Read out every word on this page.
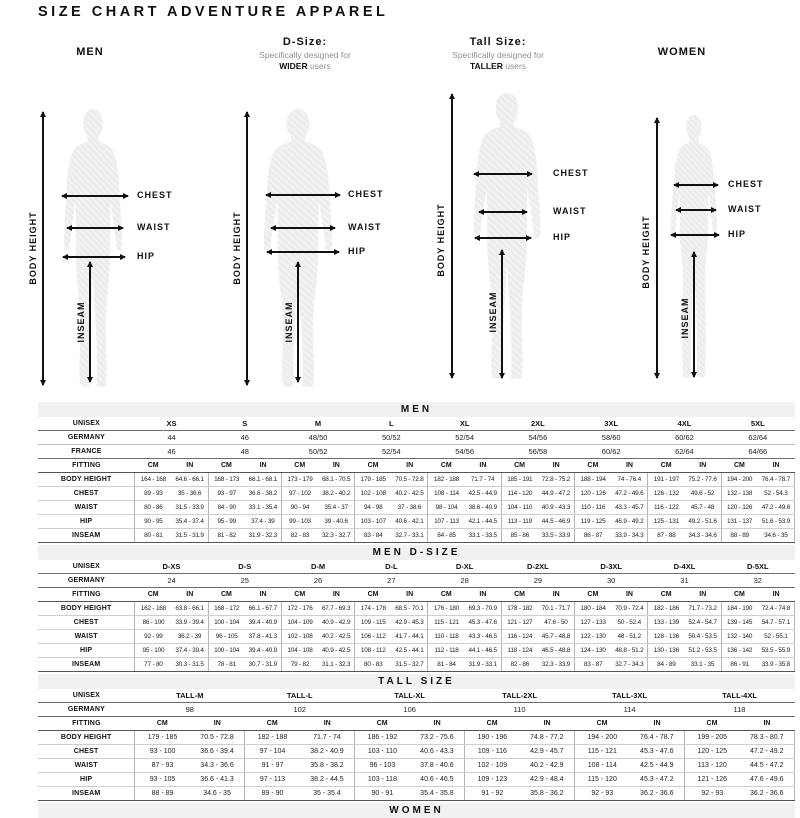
SIZE CHART ADVENTURE APPAREL
MEN
D-Size:
Specifically designed for
WIDER users
Tall Size:
Specifically designed for
TALLER users
WOMEN
BODY HEIGHT
CHEST
WAIST
HIP
INSEAM
BODY HEIGHT
CHEST
WAIST
HIP
INSEAM
BODY HEIGHT
CHEST
WAIST
HIP
INSEAM
BODY HEIGHT
CHEST
WAIST
HIP
INSEAM
MEN
UNISEX	XS		S		M		L		XL		2XL		3XL		4XL		5XL	
GERMANY	44		46		48/50		50/52		52/54		54/56		58/60		60/62		62/64	
FRANCE	46		48		50/52		52/54		54/56		56/58		60/62		62/64		64/66	
FITTING	CM	IN	CM	IN	CM	IN	CM	IN	CM	IN	CM	IN	CM	IN	CM	IN	CM	IN
BODY HEIGHT	164 - 168	64.6 - 66.1	168 - 173	66.1 - 68.1	173 - 179	68.1 - 70.5	179 - 185	70.5 - 72.8	182 - 188	71.7 - 74	185 - 191	72.8 - 75.2	188 - 194	74 - 76.4	191 - 197	75.2 - 77.6	194 - 200	76.4 - 78.7
CHEST	89 - 93	35 - 36.6	93 - 97	36.6 - 38.2	97 - 102	38.2 - 40.2	102 - 108	40.2 - 42.5	108 - 114	42.5 - 44.9	114 - 120	44.9 - 47.2	120 - 126	47.2 - 49.6	126 - 132	49.6 - 52	132 - 138	52 - 54.3
WAIST	80 - 86	31.5 - 33.9	84 - 90	33.1 - 35.4	90 - 94	35.4 - 37	94 - 98	37 - 38.6	98 - 104	38.6 - 40.9	104 - 110	40.9 - 43.3	110 - 116	43.3 - 45.7	116 - 122	45.7 - 48	120 - 126	47.2 - 49.6
HIP	90 - 95	35.4 - 37.4	95 - 99	37.4 - 39	99 - 103	39 - 40.6	103 - 107	40.6 - 42.1	107 - 113	42.1 - 44.5	113 - 119	44.5 - 46.9	119 - 125	46.9 - 49.2	125 - 131	49.2 - 51.6	131 - 137	51.6 - 53.9
INSEAM	80 - 81	31.5 - 31.9	81 - 82	31.9 - 32.3	82 - 83	32.3 - 32.7	83 - 84	32.7 - 33.1	84 - 85	33.1 - 33.5	85 - 86	33.5 - 33.9	86 - 87	33.9 - 34.3	87 - 88	34.3 - 34.6	88 - 89	34.6 - 35
MEN D-SIZE
UNISEX	D-XS		D-S		D-M		D-L		D-XL		D-2XL		D-3XL		D-4XL		D-5XL	
GERMANY	24		25		26		27		28		29		30		31		32	
FITTING	CM	IN	CM	IN	CM	IN	CM	IN	CM	IN	CM	IN	CM	IN	CM	IN	CM	IN
BODY HEIGHT	162 - 168	63.8 - 66.1	168 - 172	66.1 - 67.7	172 - 176	67.7 - 69.3	174 - 178	68.5 - 70.1	176 - 180	69.3 - 70.9	178 - 182	70.1 - 71.7	180 - 184	70.9 - 72.4	182 - 186	71.7 - 73.2	184 - 190	72.4 - 74.8
CHEST	86 - 100	33.9 - 39.4	100 - 104	39.4 - 40.9	104 - 109	40.9 - 42.9	109 - 115	42.9 - 45.3	115 - 121	45.3 - 47.6	121 - 127	47.6 - 50	127 - 133	50 - 52.4	133 - 139	52.4 - 54.7	139 - 145	54.7 - 57.1
WAIST	92 - 99	36.2 - 39	96 - 105	37.8 - 41.3	102 - 108	40.2 - 42.5	106 - 112	41.7 - 44.1	110 - 118	43.3 - 46.5	116 - 124	45.7 - 48.8	122 - 130	48 - 51.2	128 - 136	50.4 - 53.5	132 - 140	52 - 55.1
HIP	95 - 100	37.4 - 39.4	100 - 104	39.4 - 40.9	104 - 108	40.9 - 42.5	108 - 112	42.5 - 44.1	112 - 118	44.1 - 46.5	118 - 124	46.5 - 48.8	124 - 130	48.8 - 51.2	130 - 136	51.2 - 53.5	136 - 142	53.5 - 55.9
INSEAM	77 - 80	30.3 - 31.5	78 - 81	30.7 - 31.9	79 - 82	31.1 - 32.3	80 - 83	31.5 - 32.7	81 - 84	31.9 - 33.1	82 - 86	32.3 - 33.9	83 - 87	32.7 - 34.3	84 - 89	33.1 - 35	86 - 91	33.9 - 35.8
TALL SIZE
UNISEX	TALL-M		TALL-L		TALL-XL		TALL-2XL		TALL-3XL		TALL-4XL	
GERMANY	98		102		106		110		114		118	
FITTING	CM	IN	CM	IN	CM	IN	CM	IN	CM	IN	CM	IN
BODY HEIGHT	179 - 185	70.5 - 72.8	182 - 188	71.7 - 74	186 - 192	73.2 - 75.6	190 - 196	74.8 - 77.2	194 - 200	76.4 - 78.7	199 - 205	78.3 - 80.7
CHEST	93 - 100	36.6 - 39.4	97 - 104	38.2 - 40.9	103 - 110	40.6 - 43.3	109 - 116	42.9 - 45.7	115 - 121	45.3 - 47.6	120 - 125	47.2 - 49.2
WAIST	87 - 93	34.3 - 36.6	91 - 97	35.8 - 38.2	96 - 103	37.8 - 40.6	102 - 109	40.2 - 42.9	108 - 114	42.5 - 44.9	113 - 120	44.5 - 47.2
HIP	93 - 105	36.6 - 41.3	97 - 113	38.2 - 44.5	103 - 118	40.6 - 46.5	109 - 123	42.9 - 48.4	115 - 120	45.3 - 47.2	121 - 126	47.6 - 49.6
INSEAM	88 - 89	34.6 - 35	89 - 90	35 - 35.4	90 - 91	35.4 - 35.8	91 - 92	35.8 - 36.2	92 - 93	36.2 - 36.6	92 - 93	36.2 - 36.6
WOMEN
